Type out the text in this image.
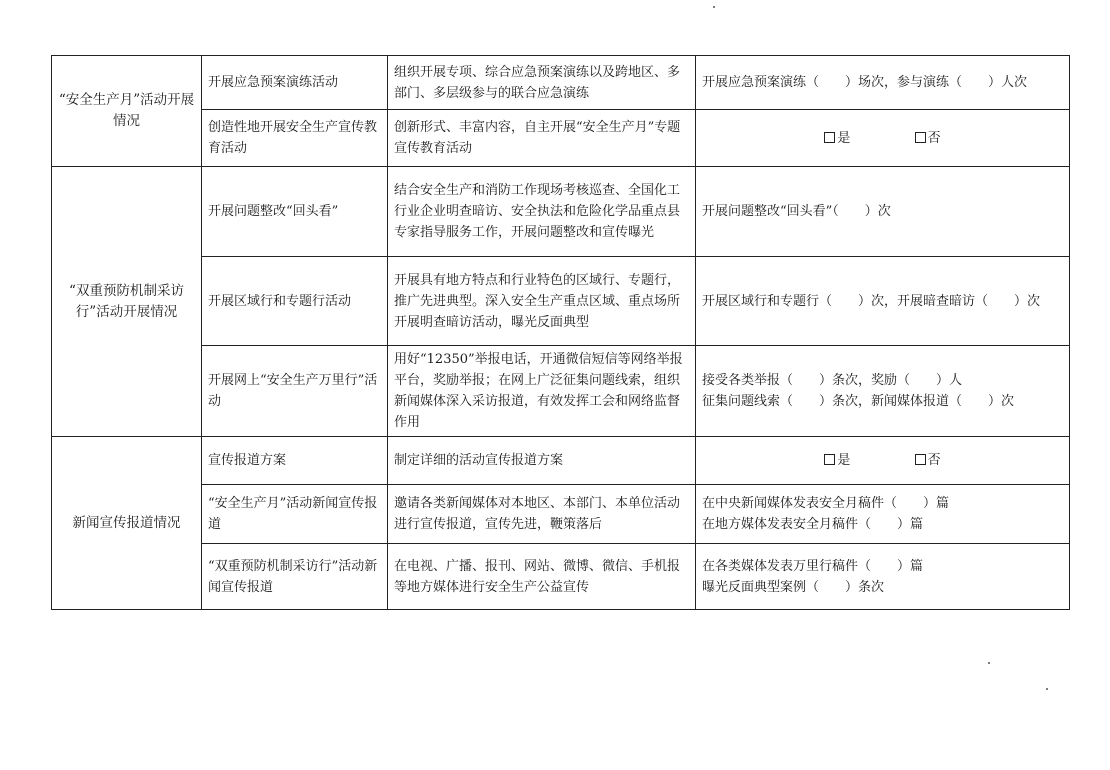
“安全生产月”活动开展情况	开展应急预案演练活动	组织开展专项、综合应急预案演练以及跨地区、多部门、多层级参与的联合应急演练	开展应急预案演练（　　）场次，参与演练（　　）人次

	创造性地开展安全生产宣传教育活动	创新形式、丰富内容，自主开展“安全生产月”专题宣传教育活动	是 否
“双重预防机制采访行”活动开展情况	开展问题整改“回头看”	结合安全生产和消防工作现场考核巡查、全国化工行业企业明查暗访、安全执法和危险化学品重点县专家指导服务工作，开展问题整改和宣传曝光	开展问题整改“回头看”（　　）次

	开展区域行和专题行活动	开展具有地方特点和行业特色的区域行、专题行，推广先进典型。深入安全生产重点区域、重点场所开展明查暗访活动，曝光反面典型	开展区域行和专题行（　　）次，开展暗查暗访（　　）次

	开展网上“安全生产万里行”活动	用好“12350”举报电话，开通微信短信等网络举报平台，奖励举报；在网上广泛征集问题线索，组织新闻媒体深入采访报道，有效发挥工会和网络监督作用	接受各类举报（　　）条次，奖励（　　）人
征集问题线索（　　）条次，新闻媒体报道（　　）次

新闻宣传报道情况	宣传报道方案	制定详细的活动宣传报道方案	是 否
	“安全生产月”活动新闻宣传报道	邀请各类新闻媒体对本地区、本部门、本单位活动进行宣传报道，宣传先进，鞭策落后	在中央新闻媒体发表安全月稿件（　　）篇
在地方媒体发表安全月稿件（　　）篇

	“双重预防机制采访行”活动新闻宣传报道	在电视、广播、报刊、网站、微博、微信、手机报等地方媒体进行安全生产公益宣传	在各类媒体发表万里行稿件（　　）篇
曝光反面典型案例（　　）条次
